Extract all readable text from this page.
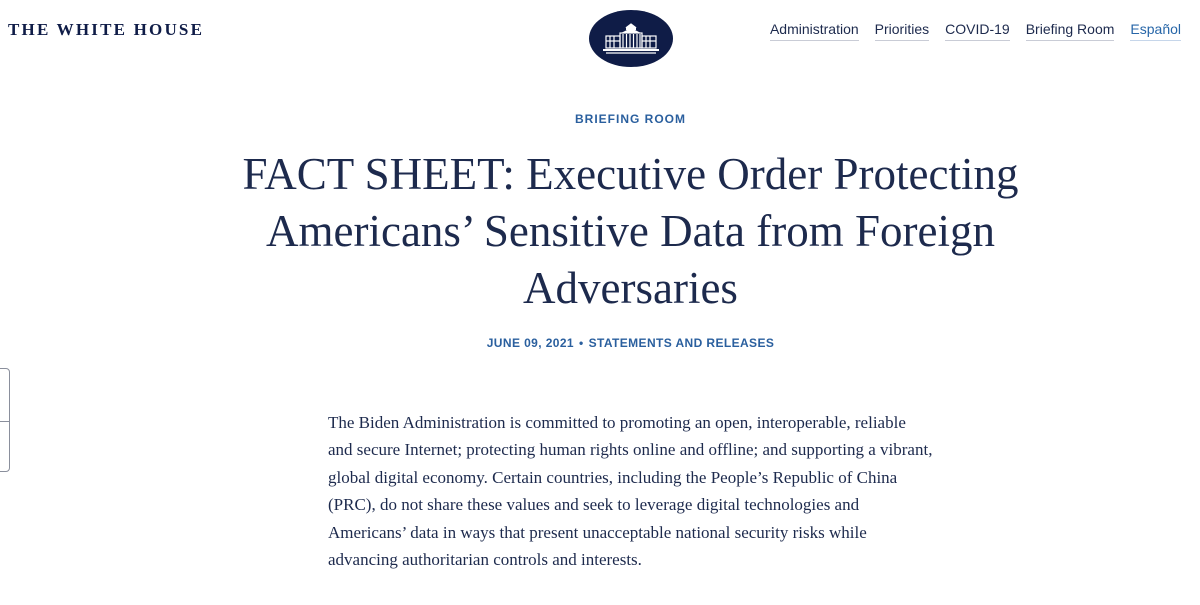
THE WHITE HOUSE	Administration Priorities COVID-19 Briefing Room Español
BRIEFING ROOM
FACT SHEET: Executive Order Protecting Americans’ Sensitive Data from Foreign Adversaries
JUNE 09, 2021 • STATEMENTS AND RELEASES

The Biden Administration is committed to promoting an open, interoperable, reliable and secure Internet; protecting human rights online and offline; and supporting a vibrant, global digital economy. Certain countries, including the People’s Republic of China (PRC), do not share these values and seek to leverage digital technologies and Americans’ data in ways that present unacceptable national security risks while advancing authoritarian controls and interests.
